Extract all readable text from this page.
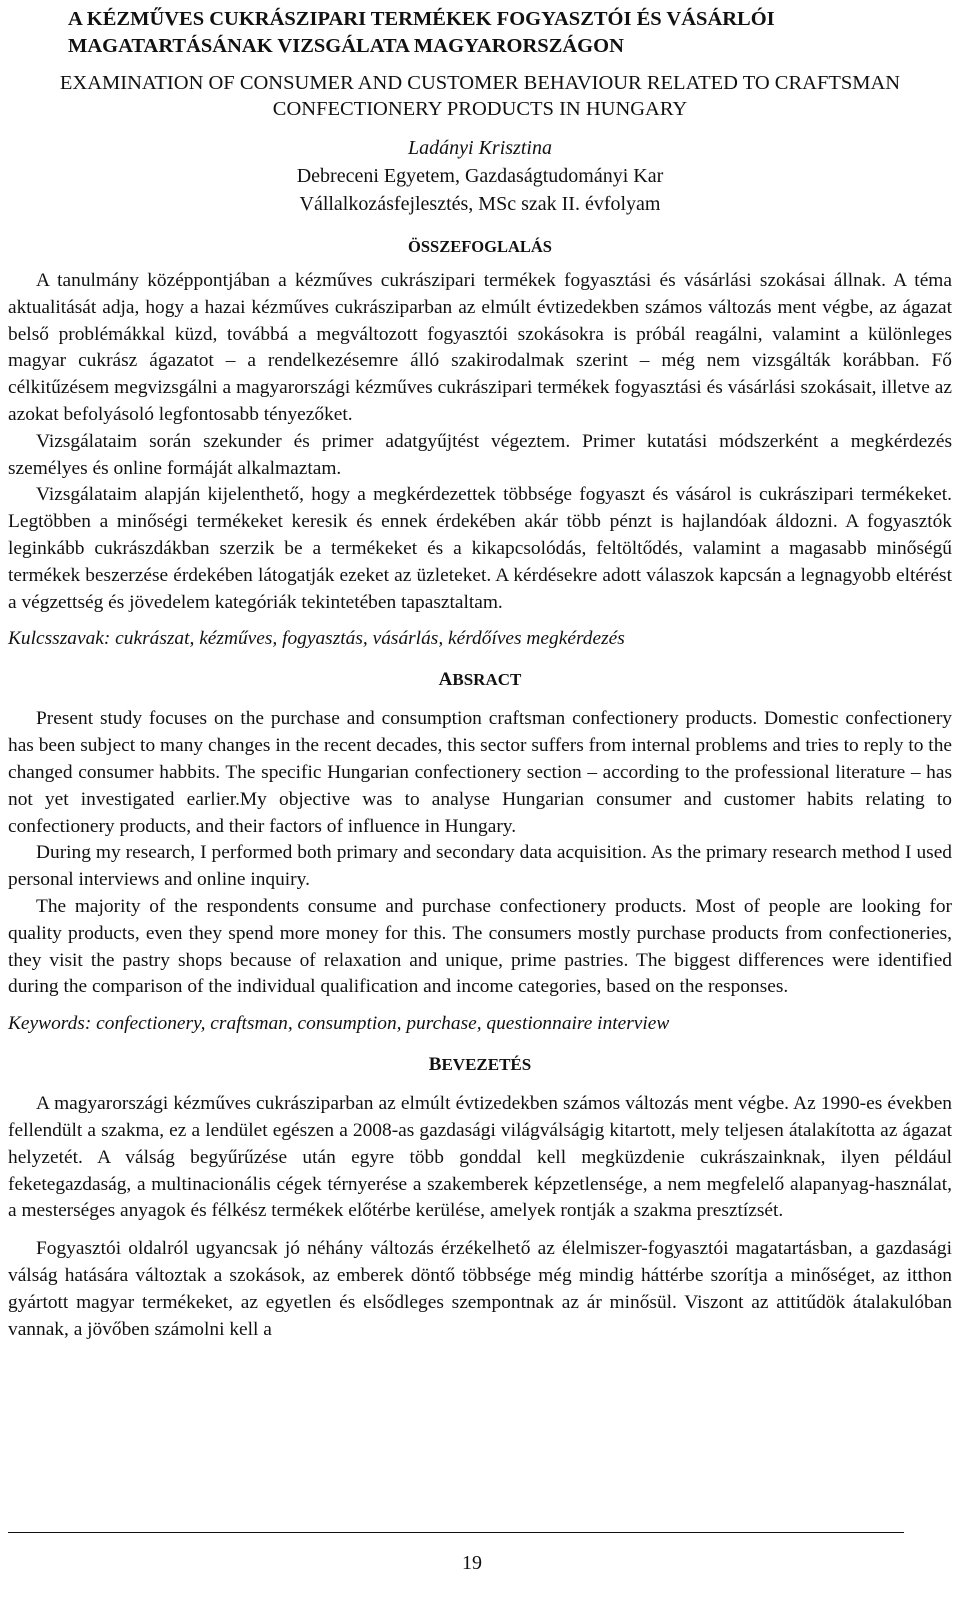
A KÉZMŰVES CUKRÁSZIPARI TERMÉKEK FOGYASZTÓI ÉS VÁSÁRLÓI MAGATARTÁSÁNAK VIZSGÁLATA MAGYARORSZÁGON
EXAMINATION OF CONSUMER AND CUSTOMER BEHAVIOUR RELATED TO CRAFTSMAN CONFECTIONERY PRODUCTS IN HUNGARY
Ladányi Krisztina
Debreceni Egyetem, Gazdaságtudományi Kar
Vállalkozásfejlesztés, MSc szak II. évfolyam
ÖSSZEFOGLALÁS

A tanulmány középpontjában a kézműves cukrászipari termékek fogyasztási és vásárlási szokásai állnak. A téma aktualitását adja, hogy a hazai kézműves cukrásziparban az elmúlt évtizedekben számos változás ment végbe, az ágazat belső problémákkal küzd, továbbá a megváltozott fogyasztói szokásokra is próbál reagálni, valamint a különleges magyar cukrász ágazatot – a rendelkezésemre álló szakirodalmak szerint – még nem vizsgálták korábban. Fő célkitűzésem megvizsgálni a magyarországi kézműves cukrászipari termékek fogyasztási és vásárlási szokásait, illetve az azokat befolyásoló legfontosabb tényezőket.

Vizsgálataim során szekunder és primer adatgyűjtést végeztem. Primer kutatási módszerként a megkérdezés személyes és online formáját alkalmaztam.

Vizsgálataim alapján kijelenthető, hogy a megkérdezettek többsége fogyaszt és vásárol is cukrászipari termékeket. Legtöbben a minőségi termékeket keresik és ennek érdekében akár több pénzt is hajlandóak áldozni. A fogyasztók leginkább cukrászdákban szerzik be a termékeket és a kikapcsolódás, feltöltődés, valamint a magasabb minőségű termékek beszerzése érdekében látogatják ezeket az üzleteket. A kérdésekre adott válaszok kapcsán a legnagyobb eltérést a végzettség és jövedelem kategóriák tekintetében tapasztaltam.

Kulcsszavak: cukrászat, kézműves, fogyasztás, vásárlás, kérdőíves megkérdezés

ABSRACT

Present study focuses on the purchase and consumption craftsman confectionery products. Domestic confectionery has been subject to many changes in the recent decades, this sector suffers from internal problems and tries to reply to the changed consumer habbits. The specific Hungarian confectionery section – according to the professional literature – has not yet investigated earlier.My objective was to analyse Hungarian consumer and customer habits relating to confectionery products, and their factors of influence in Hungary.

During my research, I performed both primary and secondary data acquisition. As the primary research method I used personal interviews and online inquiry.

The majority of the respondents consume and purchase confectionery products. Most of people are looking for quality products, even they spend more money for this. The consumers mostly purchase products from confectioneries, they visit the pastry shops because of relaxation and unique, prime pastries. The biggest differences were identified during the comparison of the individual qualification and income categories, based on the responses.

Keywords: confectionery, craftsman, consumption, purchase, questionnaire interview

BEVEZETÉS

A magyarországi kézműves cukrásziparban az elmúlt évtizedekben számos változás ment végbe. Az 1990-es években fellendült a szakma, ez a lendület egészen a 2008-as gazdasági világválságig kitartott, mely teljesen átalakította az ágazat helyzetét. A válság begyűrűzése után egyre több gonddal kell megküzdenie cukrászainknak, ilyen például feketegazdaság, a multinacionális cégek térnyerése a szakemberek képzetlensége, a nem megfelelő alapanyag-használat, a mesterséges anyagok és félkész termékek előtérbe kerülése, amelyek rontják a szakma presztízsét.

Fogyasztói oldalról ugyancsak jó néhány változás érzékelhető az élelmiszer-fogyasztói magatartásban, a gazdasági válság hatására változtak a szokások, az emberek döntő többsége még mindig háttérbe szorítja a minőséget, az itthon gyártott magyar termékeket, az egyetlen és elsődleges szempontnak az ár minősül. Viszont az attitűdök átalakulóban vannak, a jövőben számolni kell a

19
